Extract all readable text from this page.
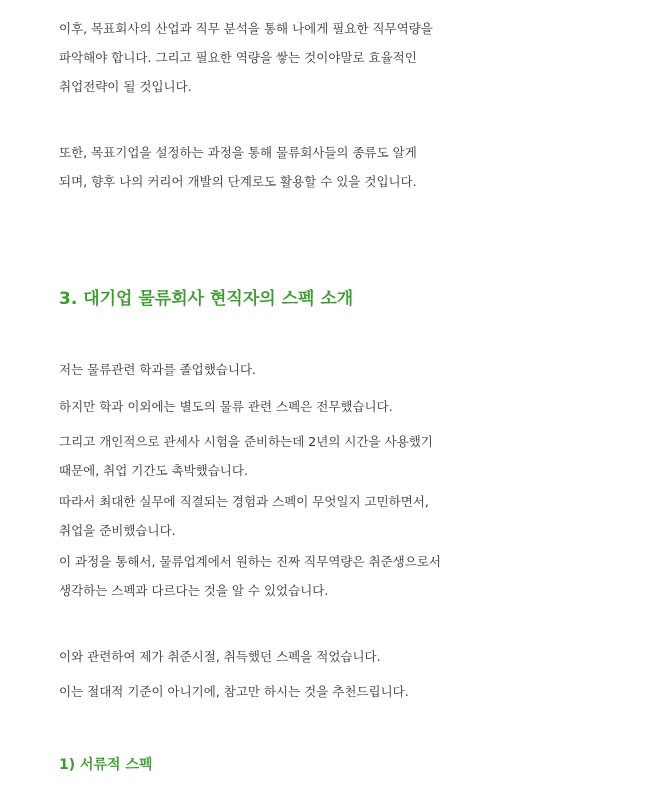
이후, 목표회사의 산업과 직무 분석을 통해 나에게 필요한 직무역량을
파악해야 합니다. 그리고 필요한 역량을 쌓는 것이야말로 효율적인
취업전략이 될 것입니다.

또한, 목표기업을 설정하는 과정을 통해 물류회사들의 종류도 알게
되며, 향후 나의 커리어 개발의 단계로도 활용할 수 있을 것입니다.

3. 대기업 물류회사 현직자의 스펙 소개

저는 물류관련 학과를 졸업했습니다.

하지만 학과 이외에는 별도의 물류 관련 스펙은 전무했습니다.

그리고 개인적으로 관세사 시험을 준비하는데 2년의 시간을 사용했기
때문에, 취업 기간도 촉박했습니다.

따라서 최대한 실무에 직결되는 경험과 스펙이 무엇일지 고민하면서,
취업을 준비했습니다.

이 과정을 통해서, 물류업계에서 원하는 진짜 직무역량은 취준생으로서
생각하는 스펙과 다르다는 것을 알 수 있었습니다.

이와 관련하여 제가 취준시절, 취득했던 스펙을 적었습니다.

이는 절대적 기준이 아니기에, 참고만 하시는 것을 추천드립니다.

1) 서류적 스펙
